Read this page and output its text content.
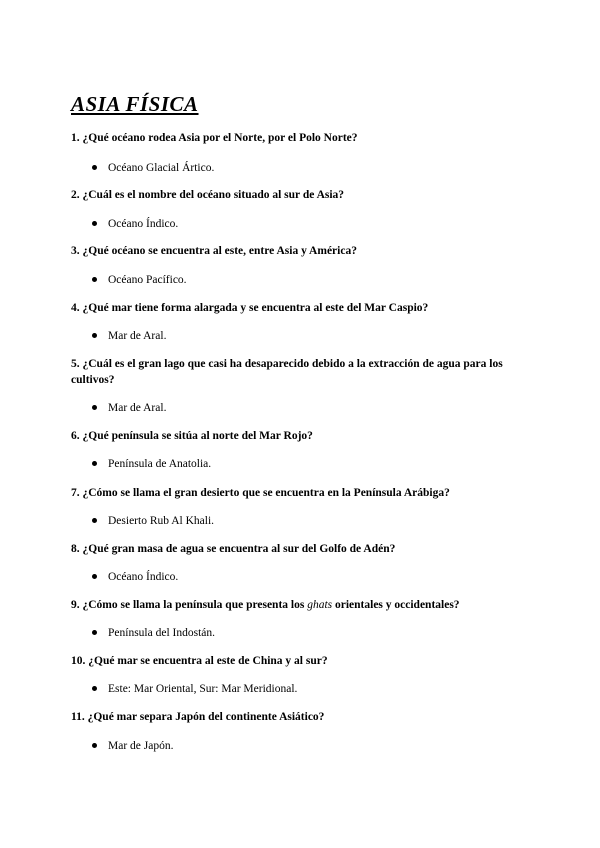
ASIA FÍSICA

1. ¿Qué océano rodea Asia por el Norte, por el Polo Norte?

Océano Glacial Ártico.

2. ¿Cuál es el nombre del océano situado al sur de Asia?

Océano Índico.

3. ¿Qué océano se encuentra al este, entre Asia y América?

Océano Pacífico.

4. ¿Qué mar tiene forma alargada y se encuentra al este del Mar Caspio?

Mar de Aral.

5. ¿Cuál es el gran lago que casi ha desaparecido debido a la extracción de agua para los cultivos?

Mar de Aral.

6. ¿Qué península se sitúa al norte del Mar Rojo?

Península de Anatolia.

7. ¿Cómo se llama el gran desierto que se encuentra en la Península Arábiga?

Desierto Rub Al Khali.

8. ¿Qué gran masa de agua se encuentra al sur del Golfo de Adén?

Océano Índico.

9. ¿Cómo se llama la península que presenta los ghats orientales y occidentales?

Península del Indostán.

10. ¿Qué mar se encuentra al este de China y al sur?

Este: Mar Oriental, Sur: Mar Meridional.

11. ¿Qué mar separa Japón del continente Asiático?

Mar de Japón.
